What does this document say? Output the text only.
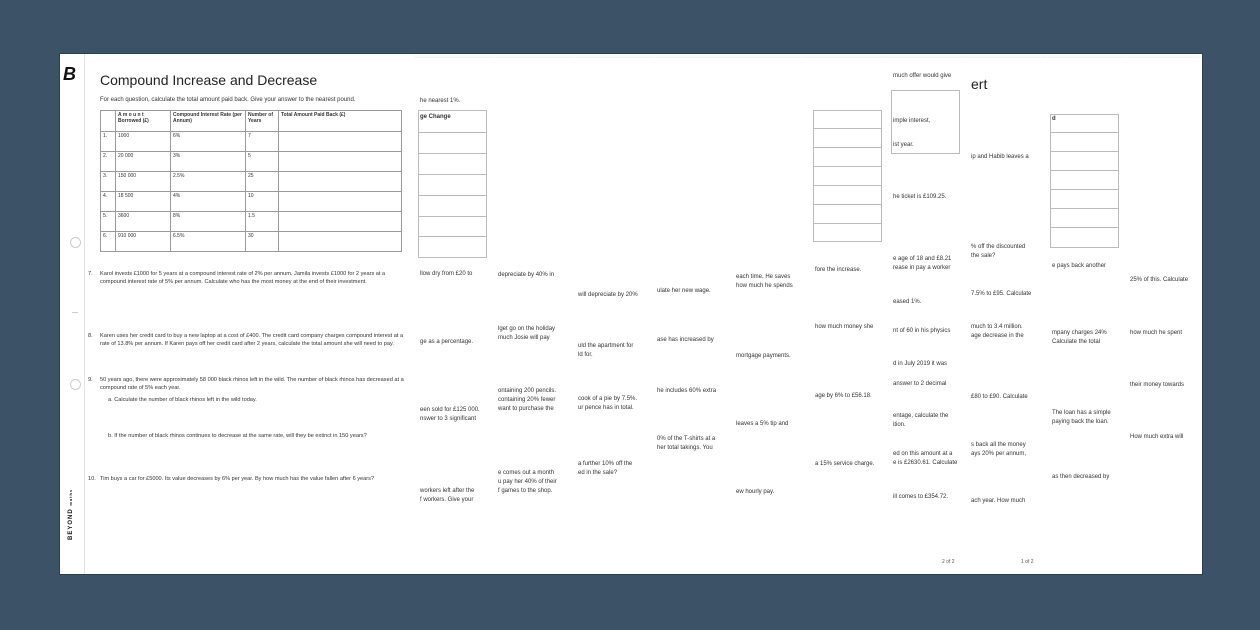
25% of this. Calculate
how much he spent
their money towards
How much extra will
d
e pays back another
mpany charges 24%
Calculate the total
The loan has a simple
paying back the loan.
as then decreased by
ert
ip and Habib leaves a
% off the discounted
the sale?
7.5% to £95. Calculate
much to 3.4 million.
age decrease in the
£80 to £90. Calculate
s back all the money
ays 20% per annum,
ach year. How much
1 of 2
much offer would give
imple interest,
ist year.
he ticket is £109.25.
e age of 18 and £8.21
rease in pay a worker
eased 1%.
nt of 60 in his physics
d in July 2019 it was
answer to 2 decimal
entage, calculate the
ition.
ed on this amount at a
e is £2630.61. Calculate
ill comes to £354.72.
2 of 2
fore the increase.
how much money she
age by 6% to £56.18.
a 15% service charge.
each time. He saves
how much he spends
mortgage payments.
leaves a 5% tip and
ew hourly pay.
ulate her new wage.
ase has increased by
he includes 60% extra
0% of the T-shirts at a
her total takings. You
will depreciate by 20%
uld the apartment for
ld for.
cook of a pie by 7.5%.
ur pence has in total.
a further 10% off the
ed in the sale?
depreciate by 40% in
lget go on the holiday
much Josie will pay
ontaining 200 pencils.
containing 20% fewer
want to purchase the
e comes out a month
u pay her 40% of their
f games to the shop.
he nearest 1%.
ge Change
llow dry from £20 to
ge as a percentage.
een sold for £125 000.
nswer to 3 significant
workers left after the
f workers. Give your
B
BEYOND maths
Compound Increase and Decrease
For each question, calculate the total amount paid back. Give your answer to the nearest pound.
	A m o u n t Borrowed (£)	Compound Interest Rate (per Annum)	Number of Years	Total Amount Paid Back (£)
1.	1000	6%	7	
2.	20 000	3%	5	
3.	150 000	2.5%	25	
4.	18 500	4%	10	
5.	3600	8%	1.5	
6.	910 000	6.5%	30	
7. Karol invests £1000 for 5 years at a compound interest rate of 2% per annum. Jamila invests £1000 for 2 years at a compound interest rate of 5% per annum. Calculate who has the most money at the end of their investment.
8. Karen uses her credit card to buy a new laptop at a cost of £400. The credit card company charges compound interest at a rate of 13.8% per annum. If Karen pays off her credit card after 2 years, calculate the total amount she will need to pay.
9. 50 years ago, there were approximately 58 000 black rhinos left in the wild. The number of black rhinos has decreased at a compound rate of 5% each year.
a. Calculate the number of black rhinos left in the wild today.
b. If the number of black rhinos continues to decrease at the same rate, will they be extinct in 150 years?
10. Tim buys a car for £5000. Its value decreases by 6% per year. By how much has the value fallen after 6 years?
